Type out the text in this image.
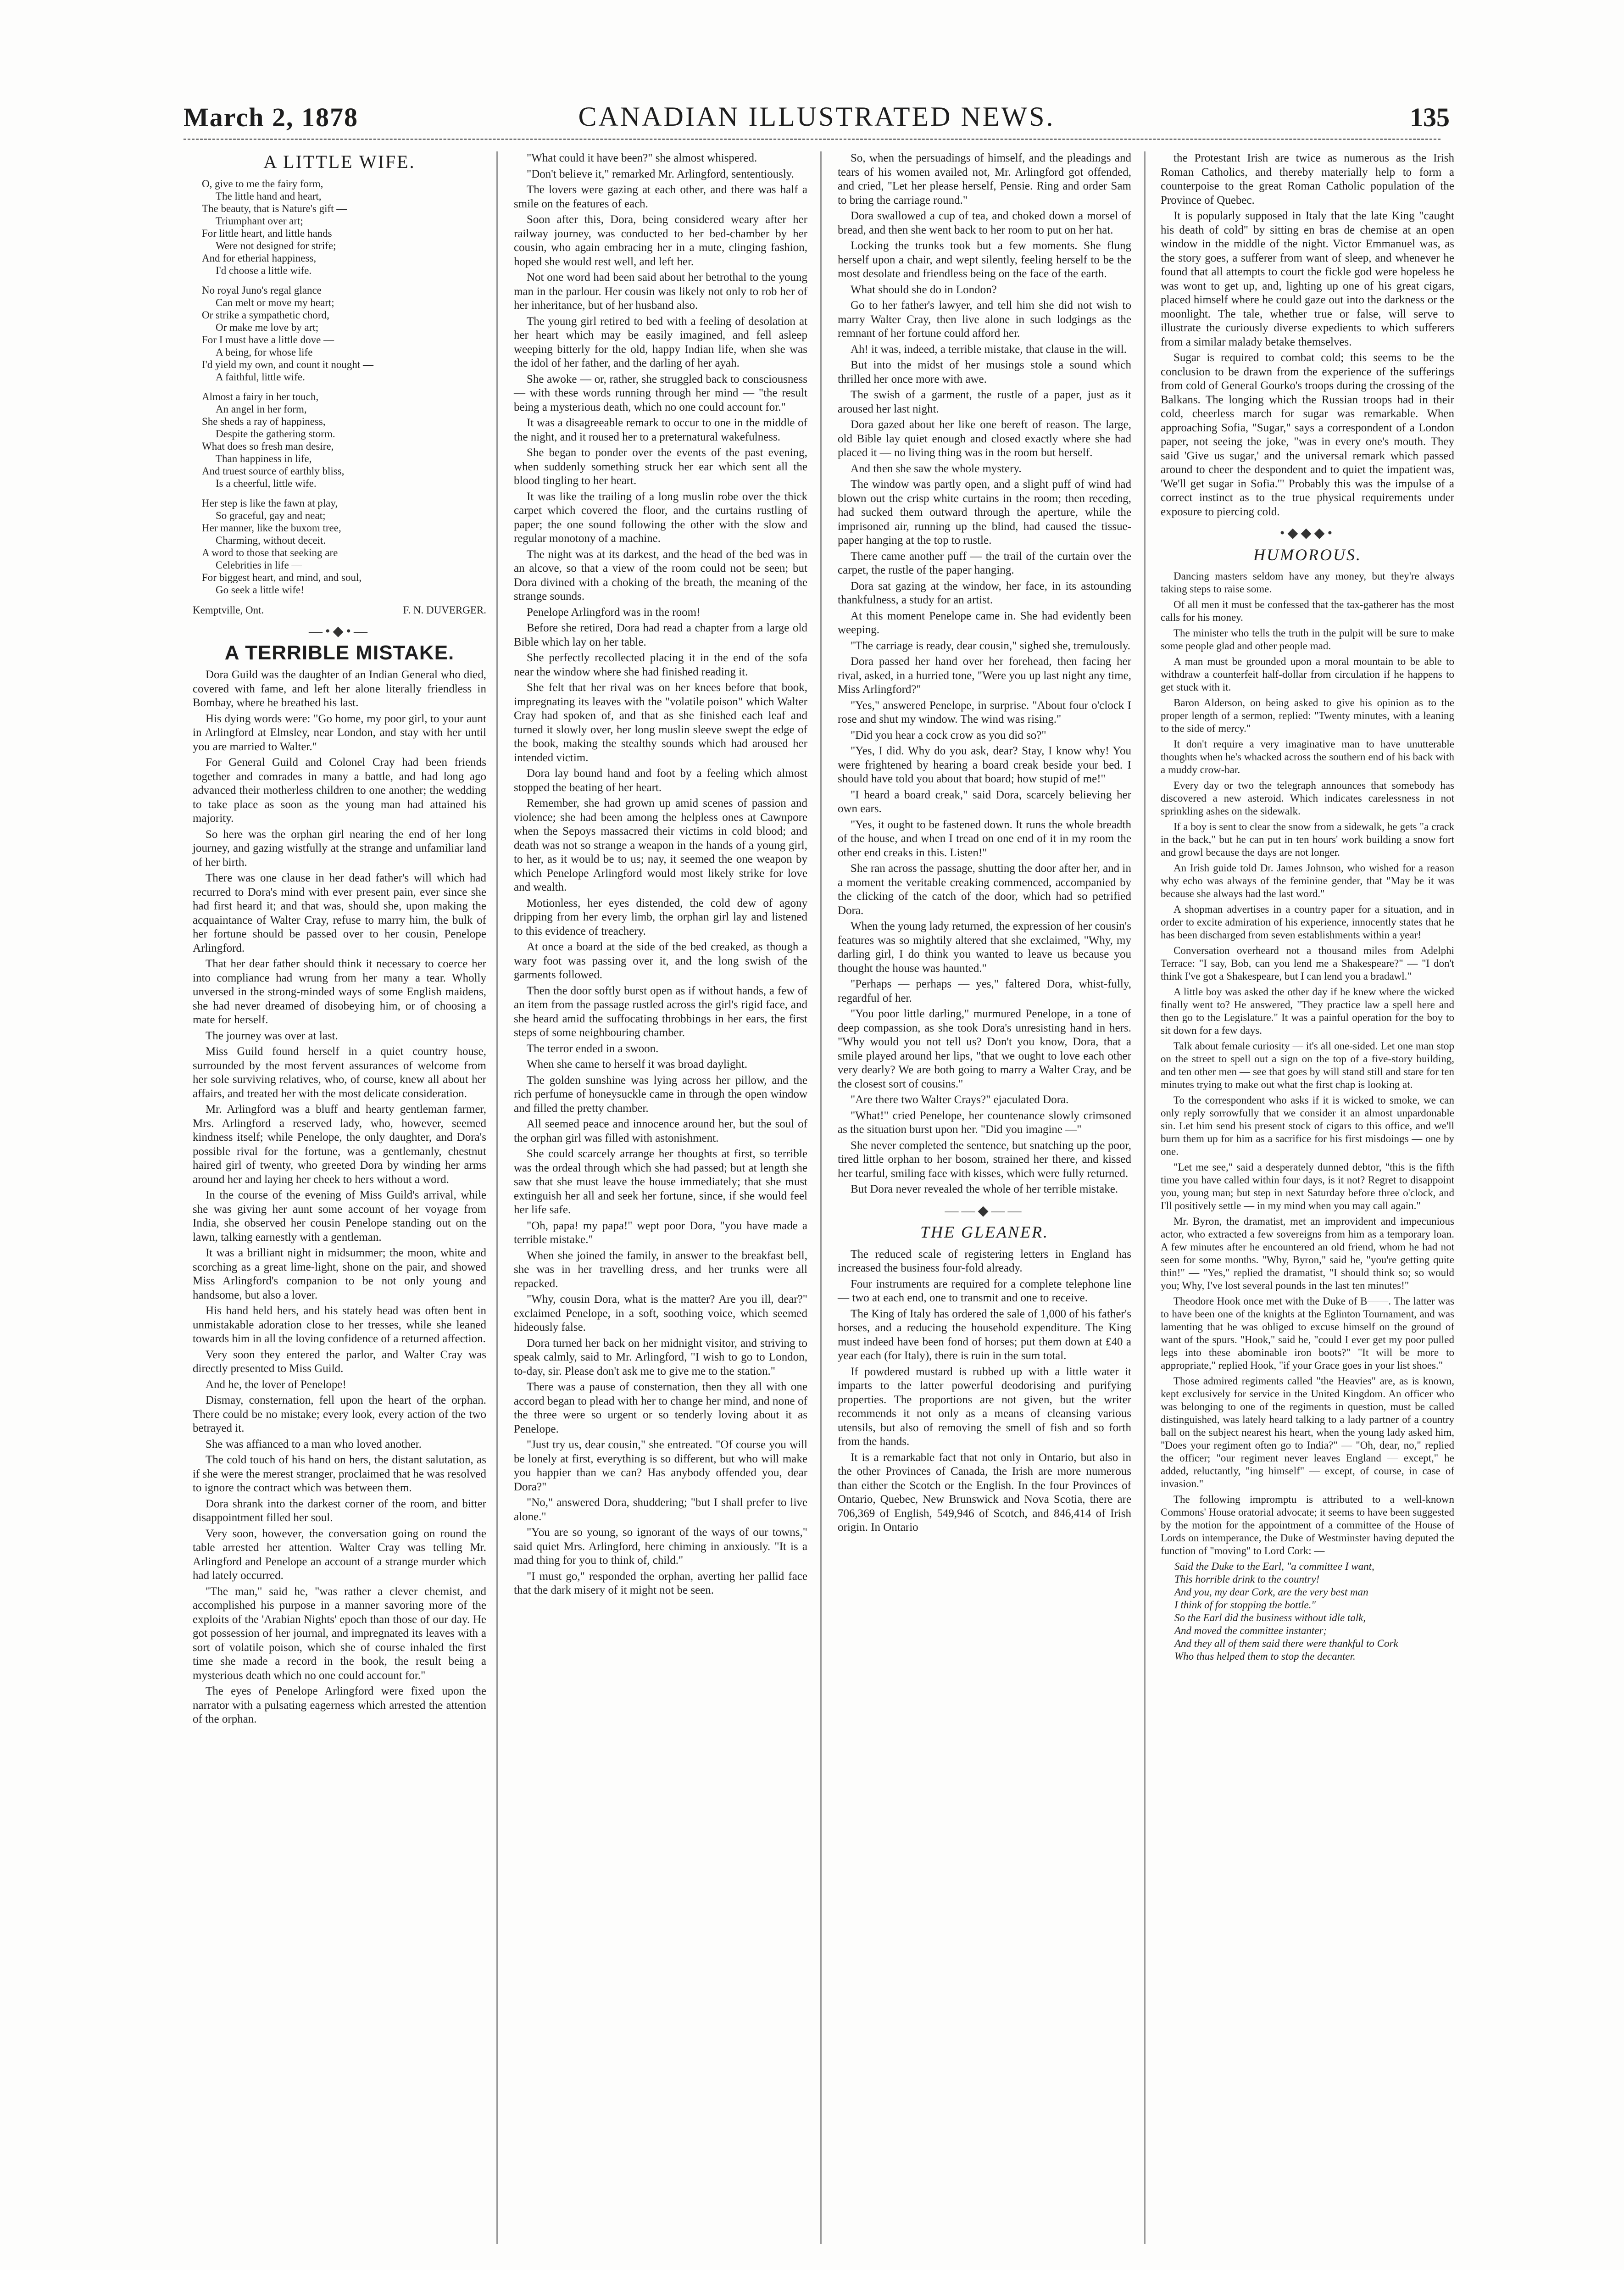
March 2, 1878	CANADIAN ILLUSTRATED NEWS.	135
A LITTLE WIFE.
O, give to me the fairy form,
The little hand and heart,
The beauty, that is Nature's gift —
Triumphant over art;
For little heart, and little hands
Were not designed for strife;
And for etherial happiness,
I'd choose a little wife.
No royal Juno's regal glance
Can melt or move my heart;
Or strike a sympathetic chord,
Or make me love by art;
For I must have a little dove —
A being, for whose life
I'd yield my own, and count it nought —
A faithful, little wife.
Almost a fairy in her touch,
An angel in her form,
She sheds a ray of happiness,
Despite the gathering storm.
What does so fresh man desire,
Than happiness in life,
And truest source of earthly bliss,
Is a cheerful, little wife.
Her step is like the fawn at play,
So graceful, gay and neat;
Her manner, like the buxom tree,
Charming, without deceit.
A word to those that seeking are
Celebrities in life —
For biggest heart, and mind, and soul,
Go seek a little wife!
Kemptville, Ont.	F. N. DUVERGER.
—•◆•—
A TERRIBLE MISTAKE.

Dora Guild was the daughter of an Indian General who died, covered with fame, and left her alone literally friendless in Bombay, where he breathed his last.

His dying words were: "Go home, my poor girl, to your aunt in Arlingford at Elmsley, near London, and stay with her until you are married to Walter."

For General Guild and Colonel Cray had been friends together and comrades in many a battle, and had long ago advanced their motherless children to one another; the wedding to take place as soon as the young man had attained his majority.

So here was the orphan girl nearing the end of her long journey, and gazing wistfully at the strange and unfamiliar land of her birth.

There was one clause in her dead father's will which had recurred to Dora's mind with ever present pain, ever since she had first heard it; and that was, should she, upon making the acquaintance of Walter Cray, refuse to marry him, the bulk of her fortune should be passed over to her cousin, Penelope Arlingford.

That her dear father should think it necessary to coerce her into compliance had wrung from her many a tear. Wholly unversed in the strong-minded ways of some English maidens, she had never dreamed of disobeying him, or of choosing a mate for herself.

The journey was over at last.

Miss Guild found herself in a quiet country house, surrounded by the most fervent assurances of welcome from her sole surviving relatives, who, of course, knew all about her affairs, and treated her with the most delicate consideration.

Mr. Arlingford was a bluff and hearty gentleman farmer, Mrs. Arlingford a reserved lady, who, however, seemed kindness itself; while Penelope, the only daughter, and Dora's possible rival for the fortune, was a gentlemanly, chestnut haired girl of twenty, who greeted Dora by winding her arms around her and laying her cheek to hers without a word.

In the course of the evening of Miss Guild's arrival, while she was giving her aunt some account of her voyage from India, she observed her cousin Penelope standing out on the lawn, talking earnestly with a gentleman.

It was a brilliant night in midsummer; the moon, white and scorching as a great lime-light, shone on the pair, and showed Miss Arlingford's companion to be not only young and handsome, but also a lover.

His hand held hers, and his stately head was often bent in unmistakable adoration close to her tresses, while she leaned towards him in all the loving confidence of a returned affection.

Very soon they entered the parlor, and Walter Cray was directly presented to Miss Guild.

And he, the lover of Penelope!

Dismay, consternation, fell upon the heart of the orphan. There could be no mistake; every look, every action of the two betrayed it.

She was affianced to a man who loved another.

The cold touch of his hand on hers, the distant salutation, as if she were the merest stranger, proclaimed that he was resolved to ignore the contract which was between them.

Dora shrank into the darkest corner of the room, and bitter disappointment filled her soul.

Very soon, however, the conversation going on round the table arrested her attention. Walter Cray was telling Mr. Arlingford and Penelope an account of a strange murder which had lately occurred.

"The man," said he, "was rather a clever chemist, and accomplished his purpose in a manner savoring more of the exploits of the 'Arabian Nights' epoch than those of our day. He got possession of her journal, and impregnated its leaves with a sort of volatile poison, which she of course inhaled the first time she made a record in the book, the result being a mysterious death which no one could account for."

The eyes of Penelope Arlingford were fixed upon the narrator with a pulsating eagerness which arrested the attention of the orphan.

"What could it have been?" she almost whispered.

"Don't believe it," remarked Mr. Arlingford, sententiously.

The lovers were gazing at each other, and there was half a smile on the features of each.

Soon after this, Dora, being considered weary after her railway journey, was conducted to her bed-chamber by her cousin, who again embracing her in a mute, clinging fashion, hoped she would rest well, and left her.

Not one word had been said about her betrothal to the young man in the parlour. Her cousin was likely not only to rob her of her inheritance, but of her husband also.

The young girl retired to bed with a feeling of desolation at her heart which may be easily imagined, and fell asleep weeping bitterly for the old, happy Indian life, when she was the idol of her father, and the darling of her ayah.

She awoke — or, rather, she struggled back to consciousness — with these words running through her mind — "the result being a mysterious death, which no one could account for."

It was a disagreeable remark to occur to one in the middle of the night, and it roused her to a preternatural wakefulness.

She began to ponder over the events of the past evening, when suddenly something struck her ear which sent all the blood tingling to her heart.

It was like the trailing of a long muslin robe over the thick carpet which covered the floor, and the curtains rustling of paper; the one sound following the other with the slow and regular monotony of a machine.

The night was at its darkest, and the head of the bed was in an alcove, so that a view of the room could not be seen; but Dora divined with a choking of the breath, the meaning of the strange sounds.

Penelope Arlingford was in the room!

Before she retired, Dora had read a chapter from a large old Bible which lay on her table.

She perfectly recollected placing it in the end of the sofa near the window where she had finished reading it.

She felt that her rival was on her knees before that book, impregnating its leaves with the "volatile poison" which Walter Cray had spoken of, and that as she finished each leaf and turned it slowly over, her long muslin sleeve swept the edge of the book, making the stealthy sounds which had aroused her intended victim.

Dora lay bound hand and foot by a feeling which almost stopped the beating of her heart.

Remember, she had grown up amid scenes of passion and violence; she had been among the helpless ones at Cawnpore when the Sepoys massacred their victims in cold blood; and death was not so strange a weapon in the hands of a young girl, to her, as it would be to us; nay, it seemed the one weapon by which Penelope Arlingford would most likely strike for love and wealth.

Motionless, her eyes distended, the cold dew of agony dripping from her every limb, the orphan girl lay and listened to this evidence of treachery.

At once a board at the side of the bed creaked, as though a wary foot was passing over it, and the long swish of the garments followed.

Then the door softly burst open as if without hands, a few of an item from the passage rustled across the girl's rigid face, and she heard amid the suffocating throbbings in her ears, the first steps of some neighbouring chamber.

The terror ended in a swoon.

When she came to herself it was broad daylight.

The golden sunshine was lying across her pillow, and the rich perfume of honeysuckle came in through the open window and filled the pretty chamber.

All seemed peace and innocence around her, but the soul of the orphan girl was filled with astonishment.

She could scarcely arrange her thoughts at first, so terrible was the ordeal through which she had passed; but at length she saw that she must leave the house immediately; that she must extinguish her all and seek her fortune, since, if she would feel her life safe.

"Oh, papa! my papa!" wept poor Dora, "you have made a terrible mistake."

When she joined the family, in answer to the breakfast bell, she was in her travelling dress, and her trunks were all repacked.

"Why, cousin Dora, what is the matter? Are you ill, dear?" exclaimed Penelope, in a soft, soothing voice, which seemed hideously false.

Dora turned her back on her midnight visitor, and striving to speak calmly, said to Mr. Arlingford, "I wish to go to London, to-day, sir. Please don't ask me to give me to the station."

There was a pause of consternation, then they all with one accord began to plead with her to change her mind, and none of the three were so urgent or so tenderly loving about it as Penelope.

"Just try us, dear cousin," she entreated. "Of course you will be lonely at first, everything is so different, but who will make you happier than we can? Has anybody offended you, dear Dora?"

"No," answered Dora, shuddering; "but I shall prefer to live alone."

"You are so young, so ignorant of the ways of our towns," said quiet Mrs. Arlingford, here chiming in anxiously. "It is a mad thing for you to think of, child."

"I must go," responded the orphan, averting her pallid face that the dark misery of it might not be seen.

So, when the persuadings of himself, and the pleadings and tears of his women availed not, Mr. Arlingford got offended, and cried, "Let her please herself, Pensie. Ring and order Sam to bring the carriage round."

Dora swallowed a cup of tea, and choked down a morsel of bread, and then she went back to her room to put on her hat.

Locking the trunks took but a few moments. She flung herself upon a chair, and wept silently, feeling herself to be the most desolate and friendless being on the face of the earth.

What should she do in London?

Go to her father's lawyer, and tell him she did not wish to marry Walter Cray, then live alone in such lodgings as the remnant of her fortune could afford her.

Ah! it was, indeed, a terrible mistake, that clause in the will.

But into the midst of her musings stole a sound which thrilled her once more with awe.

The swish of a garment, the rustle of a paper, just as it aroused her last night.

Dora gazed about her like one bereft of reason. The large, old Bible lay quiet enough and closed exactly where she had placed it — no living thing was in the room but herself.

And then she saw the whole mystery.

The window was partly open, and a slight puff of wind had blown out the crisp white curtains in the room; then receding, had sucked them outward through the aperture, while the imprisoned air, running up the blind, had caused the tissue-paper hanging at the top to rustle.

There came another puff — the trail of the curtain over the carpet, the rustle of the paper hanging.

Dora sat gazing at the window, her face, in its astounding thankfulness, a study for an artist.

At this moment Penelope came in. She had evidently been weeping.

"The carriage is ready, dear cousin," sighed she, tremulously.

Dora passed her hand over her forehead, then facing her rival, asked, in a hurried tone, "Were you up last night any time, Miss Arlingford?"

"Yes," answered Penelope, in surprise. "About four o'clock I rose and shut my window. The wind was rising."

"Did you hear a cock crow as you did so?"

"Yes, I did. Why do you ask, dear? Stay, I know why! You were frightened by hearing a board creak beside your bed. I should have told you about that board; how stupid of me!"

"I heard a board creak," said Dora, scarcely believing her own ears.

"Yes, it ought to be fastened down. It runs the whole breadth of the house, and when I tread on one end of it in my room the other end creaks in this. Listen!"

She ran across the passage, shutting the door after her, and in a moment the veritable creaking commenced, accompanied by the clicking of the catch of the door, which had so petrified Dora.

When the young lady returned, the expression of her cousin's features was so mightily altered that she exclaimed, "Why, my darling girl, I do think you wanted to leave us because you thought the house was haunted."

"Perhaps — perhaps — yes," faltered Dora, whist-fully, regardful of her.

"You poor little darling," murmured Penelope, in a tone of deep compassion, as she took Dora's unresisting hand in hers. "Why would you not tell us? Don't you know, Dora, that a smile played around her lips, "that we ought to love each other very dearly? We are both going to marry a Walter Cray, and be the closest sort of cousins."

"Are there two Walter Crays?" ejaculated Dora.

"What!" cried Penelope, her countenance slowly crimsoned as the situation burst upon her. "Did you imagine —"

She never completed the sentence, but snatching up the poor, tired little orphan to her bosom, strained her there, and kissed her tearful, smiling face with kisses, which were fully returned.

But Dora never revealed the whole of her terrible mistake.

——◆——
THE GLEANER.

The reduced scale of registering letters in England has increased the business four-fold already.

Four instruments are required for a complete telephone line — two at each end, one to transmit and one to receive.

The King of Italy has ordered the sale of 1,000 of his father's horses, and a reducing the household expenditure. The King must indeed have been fond of horses; put them down at £40 a year each (for Italy), there is ruin in the sum total.

If powdered mustard is rubbed up with a little water it imparts to the latter powerful deodorising and purifying properties. The proportions are not given, but the writer recommends it not only as a means of cleansing various utensils, but also of removing the smell of fish and so forth from the hands.

It is a remarkable fact that not only in Ontario, but also in the other Provinces of Canada, the Irish are more numerous than either the Scotch or the English. In the four Provinces of Ontario, Quebec, New Brunswick and Nova Scotia, there are 706,369 of English, 549,946 of Scotch, and 846,414 of Irish origin. In Ontario

the Protestant Irish are twice as numerous as the Irish Roman Catholics, and thereby materially help to form a counterpoise to the great Roman Catholic population of the Province of Quebec.

It is popularly supposed in Italy that the late King "caught his death of cold" by sitting en bras de chemise at an open window in the middle of the night. Victor Emmanuel was, as the story goes, a sufferer from want of sleep, and whenever he found that all attempts to court the fickle god were hopeless he was wont to get up, and, lighting up one of his great cigars, placed himself where he could gaze out into the darkness or the moonlight. The tale, whether true or false, will serve to illustrate the curiously diverse expedients to which sufferers from a similar malady betake themselves.

Sugar is required to combat cold; this seems to be the conclusion to be drawn from the experience of the sufferings from cold of General Gourko's troops during the crossing of the Balkans. The longing which the Russian troops had in their cold, cheerless march for sugar was remarkable. When approaching Sofia, "Sugar," says a correspondent of a London paper, not seeing the joke, "was in every one's mouth. They said 'Give us sugar,' and the universal remark which passed around to cheer the despondent and to quiet the impatient was, 'We'll get sugar in Sofia.'" Probably this was the impulse of a correct instinct as to the true physical requirements under exposure to piercing cold.

•◆◆◆•
HUMOROUS.

Dancing masters seldom have any money, but they're always taking steps to raise some.

Of all men it must be confessed that the tax-gatherer has the most calls for his money.

The minister who tells the truth in the pulpit will be sure to make some people glad and other people mad.

A man must be grounded upon a moral mountain to be able to withdraw a counterfeit half-dollar from circulation if he happens to get stuck with it.

Baron Alderson, on being asked to give his opinion as to the proper length of a sermon, replied: "Twenty minutes, with a leaning to the side of mercy."

It don't require a very imaginative man to have unutterable thoughts when he's whacked across the southern end of his back with a muddy crow-bar.

Every day or two the telegraph announces that somebody has discovered a new asteroid. Which indicates carelessness in not sprinkling ashes on the sidewalk.

If a boy is sent to clear the snow from a sidewalk, he gets "a crack in the back," but he can put in ten hours' work building a snow fort and growl because the days are not longer.

An Irish guide told Dr. James Johnson, who wished for a reason why echo was always of the feminine gender, that "May be it was because she always had the last word."

A shopman advertises in a country paper for a situation, and in order to excite admiration of his experience, innocently states that he has been discharged from seven establishments within a year!

Conversation overheard not a thousand miles from Adelphi Terrace: "I say, Bob, can you lend me a Shakespeare?" — "I don't think I've got a Shakespeare, but I can lend you a bradawl."

A little boy was asked the other day if he knew where the wicked finally went to? He answered, "They practice law a spell here and then go to the Legislature." It was a painful operation for the boy to sit down for a few days.

Talk about female curiosity — it's all one-sided. Let one man stop on the street to spell out a sign on the top of a five-story building, and ten other men — see that goes by will stand still and stare for ten minutes trying to make out what the first chap is looking at.

To the correspondent who asks if it is wicked to smoke, we can only reply sorrowfully that we consider it an almost unpardonable sin. Let him send his present stock of cigars to this office, and we'll burn them up for him as a sacrifice for his first misdoings — one by one.

"Let me see," said a desperately dunned debtor, "this is the fifth time you have called within four days, is it not? Regret to disappoint you, young man; but step in next Saturday before three o'clock, and I'll positively settle — in my mind when you may call again."

Mr. Byron, the dramatist, met an improvident and impecunious actor, who extracted a few sovereigns from him as a temporary loan. A few minutes after he encountered an old friend, whom he had not seen for some months. "Why, Byron," said he, "you're getting quite thin!" — "Yes," replied the dramatist, "I should think so; so would you; Why, I've lost several pounds in the last ten minutes!"

Theodore Hook once met with the Duke of B——. The latter was to have been one of the knights at the Eglinton Tournament, and was lamenting that he was obliged to excuse himself on the ground of want of the spurs. "Hook," said he, "could I ever get my poor pulled legs into these abominable iron boots?" "It will be more to appropriate," replied Hook, "if your Grace goes in your list shoes."

Those admired regiments called "the Heavies" are, as is known, kept exclusively for service in the United Kingdom. An officer who was belonging to one of the regiments in question, must be called distinguished, was lately heard talking to a lady partner of a country ball on the subject nearest his heart, when the young lady asked him, "Does your regiment often go to India?" — "Oh, dear, no," replied the officer; "our regiment never leaves England — except," he added, reluctantly, "ing himself" — except, of course, in case of invasion."

The following impromptu is attributed to a well-known Commons' House oratorial advocate; it seems to have been suggested by the motion for the appointment of a committee of the House of Lords on intemperance, the Duke of Westminster having deputed the function of "moving" to Lord Cork: —

Said the Duke to the Earl, "a committee I want,
This horrible drink to the country!
And you, my dear Cork, are the very best man
I think of for stopping the bottle."
So the Earl did the business without idle talk,
And moved the committee instanter;
And they all of them said there were thankful to Cork
Who thus helped them to stop the decanter.
